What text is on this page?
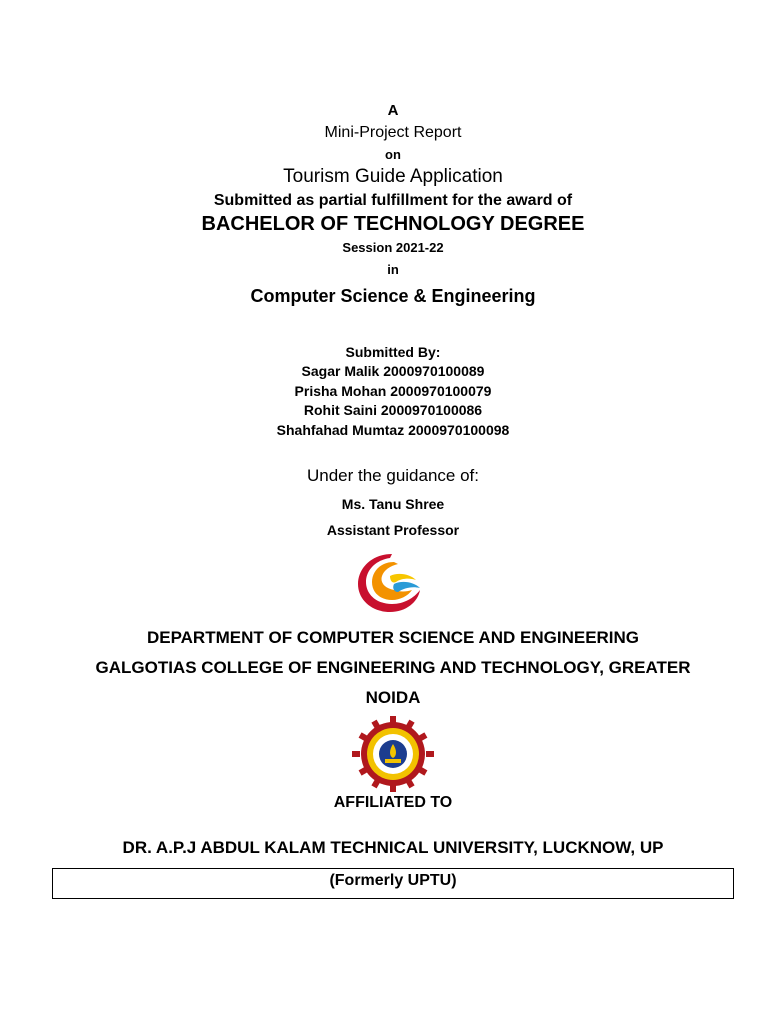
A
Mini-Project Report
on
Tourism Guide Application
Submitted as partial fulfillment for the award of
BACHELOR OF TECHNOLOGY DEGREE
Session 2021-22
in
Computer Science & Engineering
Submitted By:
Sagar Malik 2000970100089
Prisha Mohan 2000970100079
Rohit Saini 2000970100086
Shahfahad Mumtaz 2000970100098
Under the guidance of:
Ms. Tanu Shree
Assistant Professor
DEPARTMENT OF COMPUTER SCIENCE AND ENGINEERING
GALGOTIAS COLLEGE OF ENGINEERING AND TECHNOLOGY, GREATER
NOIDA
AFFILIATED TO
DR. A.P.J ABDUL KALAM TECHNICAL UNIVERSITY, LUCKNOW, UP
(Formerly UPTU)
